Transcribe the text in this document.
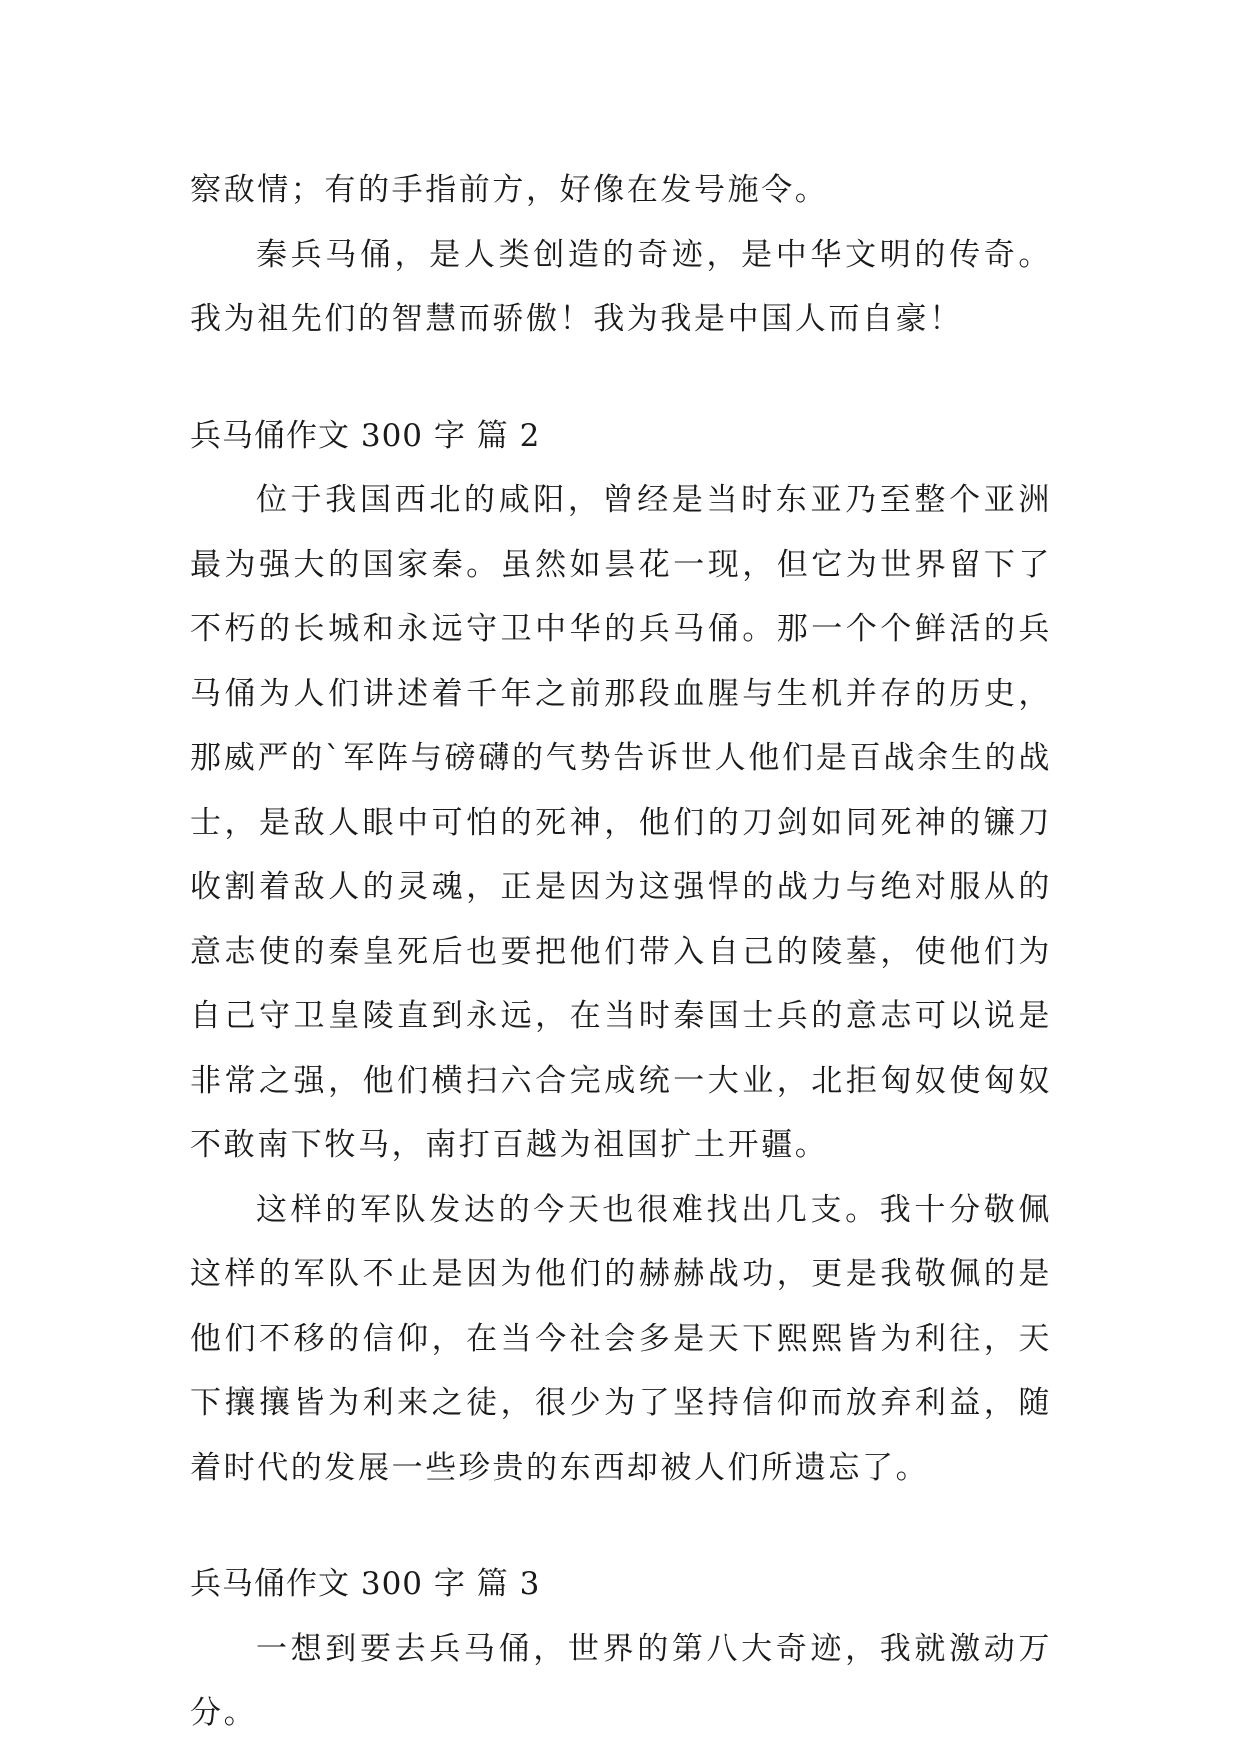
察敌情；有的手指前方，好像在发号施令。

秦兵马俑，是人类创造的奇迹，是中华文明的传奇。我为祖先们的智慧而骄傲！我为我是中国人而自豪！

兵马俑作文 300 字 篇 2

位于我国西北的咸阳，曾经是当时东亚乃至整个亚洲最为强大的国家秦。虽然如昙花一现，但它为世界留下了不朽的长城和永远守卫中华的兵马俑。那一个个鲜活的兵马俑为人们讲述着千年之前那段血腥与生机并存的历史，那威严的`军阵与磅礴的气势告诉世人他们是百战余生的战士，是敌人眼中可怕的死神，他们的刀剑如同死神的镰刀收割着敌人的灵魂，正是因为这强悍的战力与绝对服从的意志使的秦皇死后也要把他们带入自己的陵墓，使他们为自己守卫皇陵直到永远，在当时秦国士兵的意志可以说是非常之强，他们横扫六合完成统一大业，北拒匈奴使匈奴不敢南下牧马，南打百越为祖国扩土开疆。

这样的军队发达的今天也很难找出几支。我十分敬佩这样的军队不止是因为他们的赫赫战功，更是我敬佩的是他们不移的信仰，在当今社会多是天下熙熙皆为利往，天下攘攘皆为利来之徒，很少为了坚持信仰而放弃利益，随着时代的发展一些珍贵的东西却被人们所遗忘了。

兵马俑作文 300 字 篇 3

一想到要去兵马俑，世界的第八大奇迹，我就激动万分。
